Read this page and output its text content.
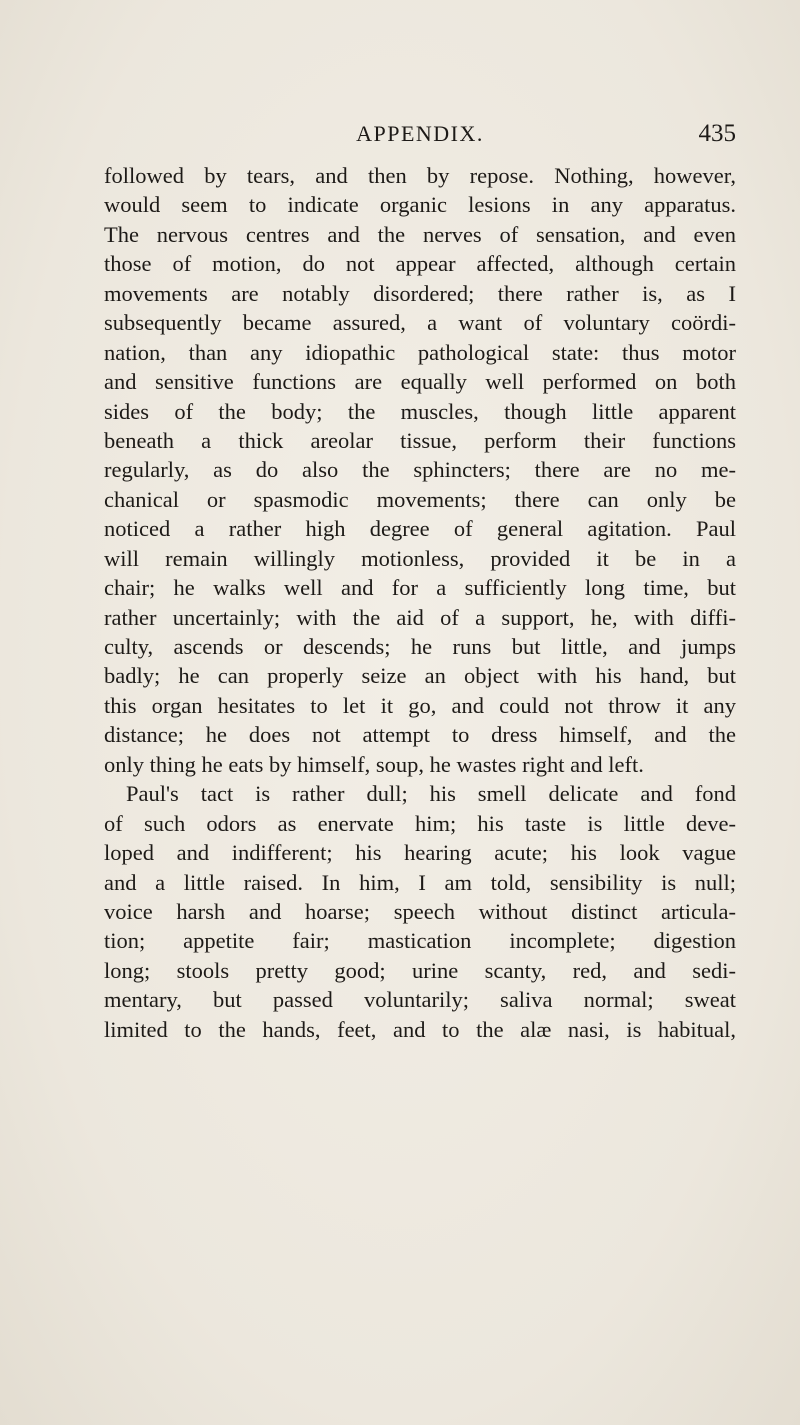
APPENDIX.	435
followed by tears, and then by repose. Nothing, however,
would seem to indicate organic lesions in any apparatus.
The nervous centres and the nerves of sensation, and even
those of motion, do not appear affected, although certain
movements are notably disordered; there rather is, as I
subsequently became assured, a want of voluntary coördi-
nation, than any idiopathic pathological state: thus motor
and sensitive functions are equally well performed on both
sides of the body; the muscles, though little apparent
beneath a thick areolar tissue, perform their functions
regularly, as do also the sphincters; there are no me-
chanical or spasmodic movements; there can only be
noticed a rather high degree of general agitation. Paul
will remain willingly motionless, provided it be in a
chair; he walks well and for a sufficiently long time, but
rather uncertainly; with the aid of a support, he, with diffi-
culty, ascends or descends; he runs but little, and jumps
badly; he can properly seize an object with his hand, but
this organ hesitates to let it go, and could not throw it any
distance; he does not attempt to dress himself, and the
only thing he eats by himself, soup, he wastes right and left.
Paul's tact is rather dull; his smell delicate and fond
of such odors as enervate him; his taste is little deve-
loped and indifferent; his hearing acute; his look vague
and a little raised. In him, I am told, sensibility is null;
voice harsh and hoarse; speech without distinct articula-
tion; appetite fair; mastication incomplete; digestion
long; stools pretty good; urine scanty, red, and sedi-
mentary, but passed voluntarily; saliva normal; sweat
limited to the hands, feet, and to the alæ nasi, is habitual,
